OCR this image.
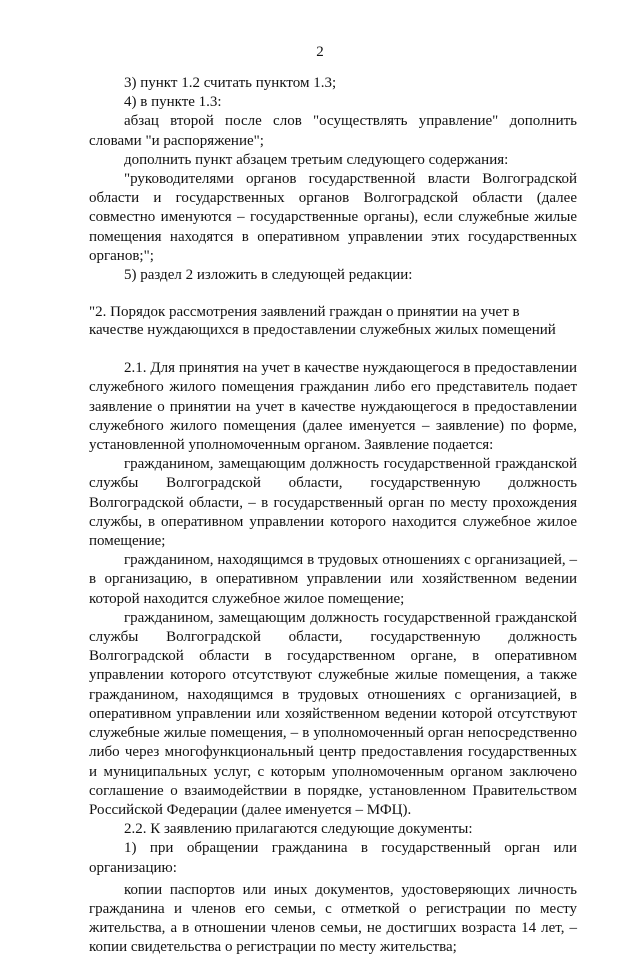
2

3) пункт 1.2 считать пунктом 1.3;

4) в пункте 1.3:

абзац второй после слов "осуществлять управление" дополнить словами "и распоряжение";

дополнить пункт абзацем третьим следующего содержания:

"руководителями органов государственной власти Волгоградской области и государственных органов Волгоградской области (далее совместно именуются – государственные органы), если служебные жилые помещения находятся в оперативном управлении этих государственных органов;";

5) раздел 2 изложить в следующей редакции:

"2. Порядок рассмотрения заявлений граждан о принятии на учет в качестве нуждающихся в предоставлении служебных жилых помещений

2.1. Для принятия на учет в качестве нуждающегося в предоставлении служебного жилого помещения гражданин либо его представитель подает заявление о принятии на учет в качестве нуждающегося в предоставлении служебного жилого помещения (далее именуется – заявление) по форме, установленной уполномоченным органом. Заявление подается:

гражданином, замещающим должность государственной гражданской службы Волгоградской области, государственную должность Волгоградской области, – в государственный орган по месту прохождения службы, в оперативном управлении которого находится служебное жилое помещение;

гражданином, находящимся в трудовых отношениях с организацией, – в организацию, в оперативном управлении или хозяйственном ведении которой находится служебное жилое помещение;

гражданином, замещающим должность государственной гражданской службы Волгоградской области, государственную должность Волгоградской области в государственном органе, в оперативном управлении которого отсутствуют служебные жилые помещения, а также гражданином, находящимся в трудовых отношениях с организацией, в оперативном управлении или хозяйственном ведении которой отсутствуют служебные жилые помещения, – в уполномоченный орган непосредственно либо через многофункциональный центр предоставления государственных и муниципальных услуг, с которым уполномоченным органом заключено соглашение о взаимодействии в порядке, установленном Правительством Российской Федерации (далее именуется – МФЦ).

2.2. К заявлению прилагаются следующие документы:

1) при обращении гражданина в государственный орган или организацию:

копии паспортов или иных документов, удостоверяющих личность гражданина и членов его семьи, с отметкой о регистрации по месту жительства, а в отношении членов семьи, не достигших возраста 14 лет, – копии свидетельства о регистрации по месту жительства;
